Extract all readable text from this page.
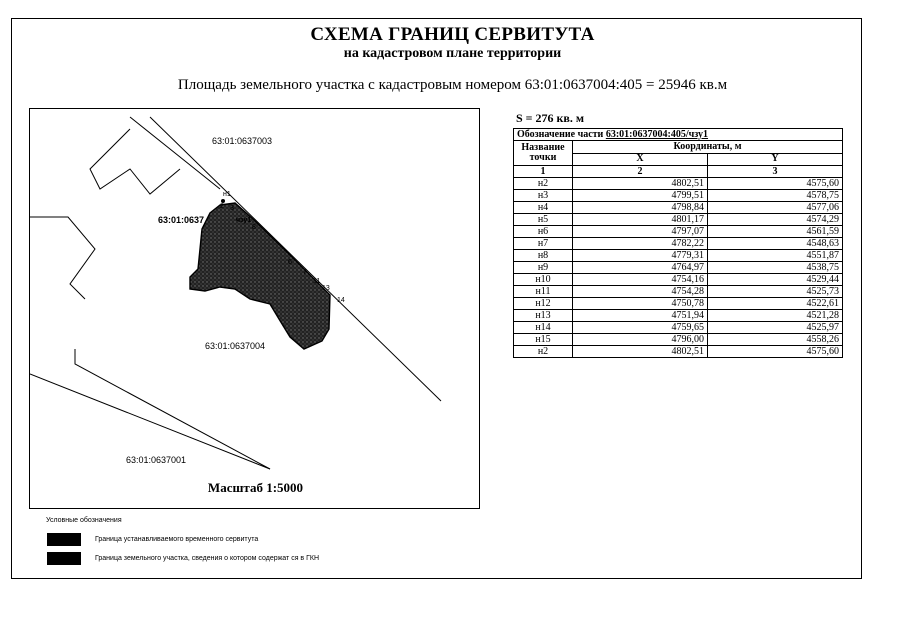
СХЕМА ГРАНИЦ СЕРВИТУТА
на кадастровом плане территории
Площадь земельного участка с кадастровым номером 63:01:0637004:405 = 25946 кв.м
63:01:0637003
63:01:0637
63:01:0637004
63:01:0637001
н1
2 3
чзу1
8
6
7
11
13
14
Масштаб 1:5000
S = 276 кв. м
Обозначение части 63:01:0637004:405/чзу1		
Название точки	Координаты, м	
	X	Y
1	2	3
н2	4802,51	4575,60
н3	4799,51	4578,75
н4	4798,84	4577,06
н5	4801,17	4574,29
н6	4797,07	4561,59
н7	4782,22	4548,63
н8	4779,31	4551,87
н9	4764,97	4538,75
н10	4754,16	4529,44
н11	4754,28	4525,73
н12	4750,78	4522,61
н13	4751,94	4521,28
н14	4759,65	4525,97
н15	4796,00	4558,26
н2	4802,51	4575,60
Условные обозначения
Граница устанавливаемого временного сервитута
Граница земельного участка, сведения о котором содержат ся в ГКН
